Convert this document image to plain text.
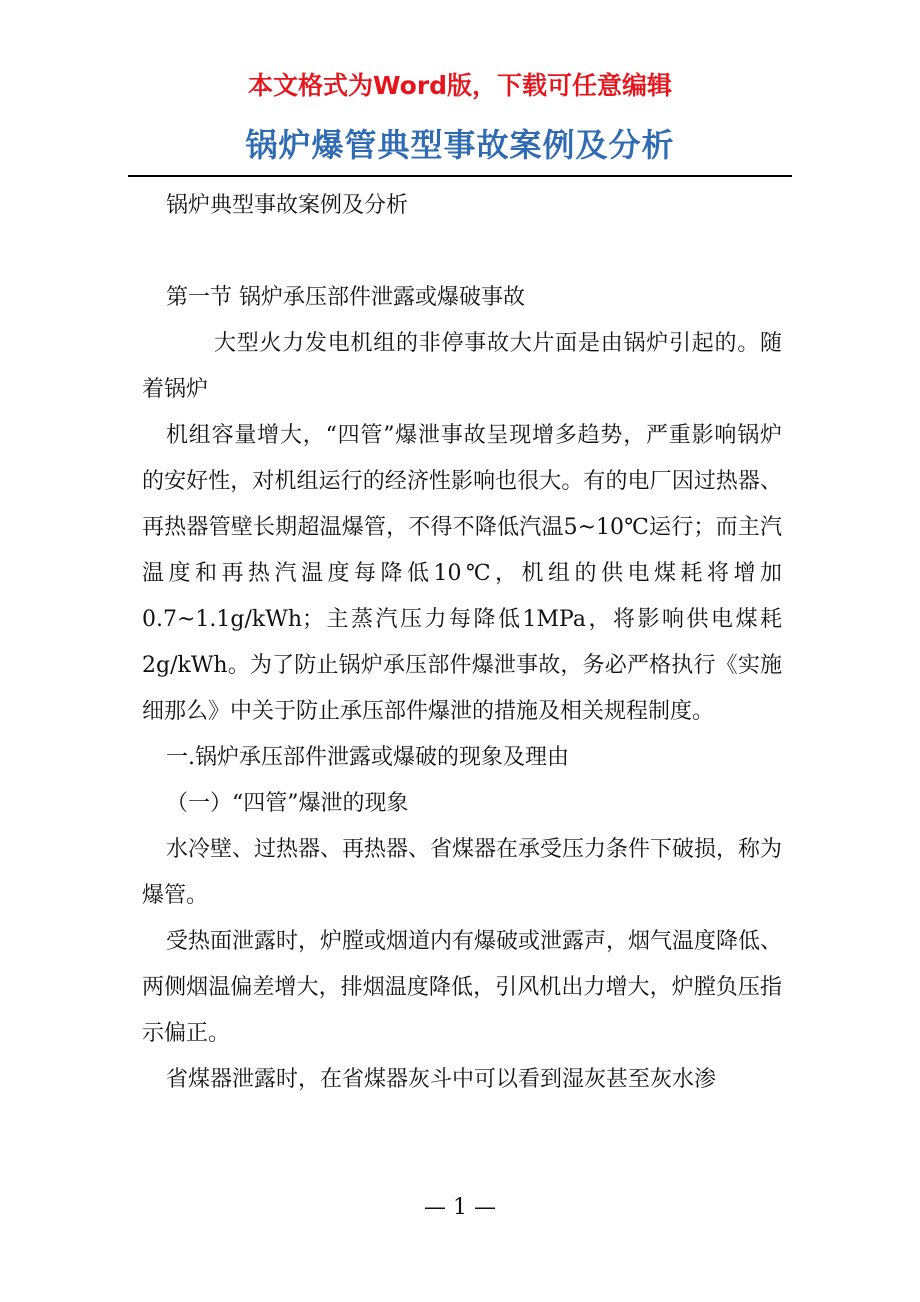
本文格式为Word版，下载可任意编辑
锅炉爆管典型事故案例及分析

锅炉典型事故案例及分析

第一节 锅炉承压部件泄露或爆破事故

大型火力发电机组的非停事故大片面是由锅炉引起的。随着锅炉

机组容量增大，“四管”爆泄事故呈现增多趋势，严重影响锅炉的安好性，对机组运行的经济性影响也很大。有的电厂因过热器、再热器管壁长期超温爆管，不得不降低汽温5~10℃运行；而主汽温度和再热汽温度每降低10℃，机组的供电煤耗将增加 0.7~1.1g/kWh；主蒸汽压力每降低1MPa，将影响供电煤耗2g/kWh。为了防止锅炉承压部件爆泄事故，务必严格执行《实施细那么》中关于防止承压部件爆泄的措施及相关规程制度。

一.锅炉承压部件泄露或爆破的现象及理由

（一）“四管”爆泄的现象

水冷壁、过热器、再热器、省煤器在承受压力条件下破损，称为爆管。

受热面泄露时，炉膛或烟道内有爆破或泄露声，烟气温度降低、两侧烟温偏差增大，排烟温度降低，引风机出力增大，炉膛负压指示偏正。

省煤器泄露时，在省煤器灰斗中可以看到湿灰甚至灰水渗

— 1 —
